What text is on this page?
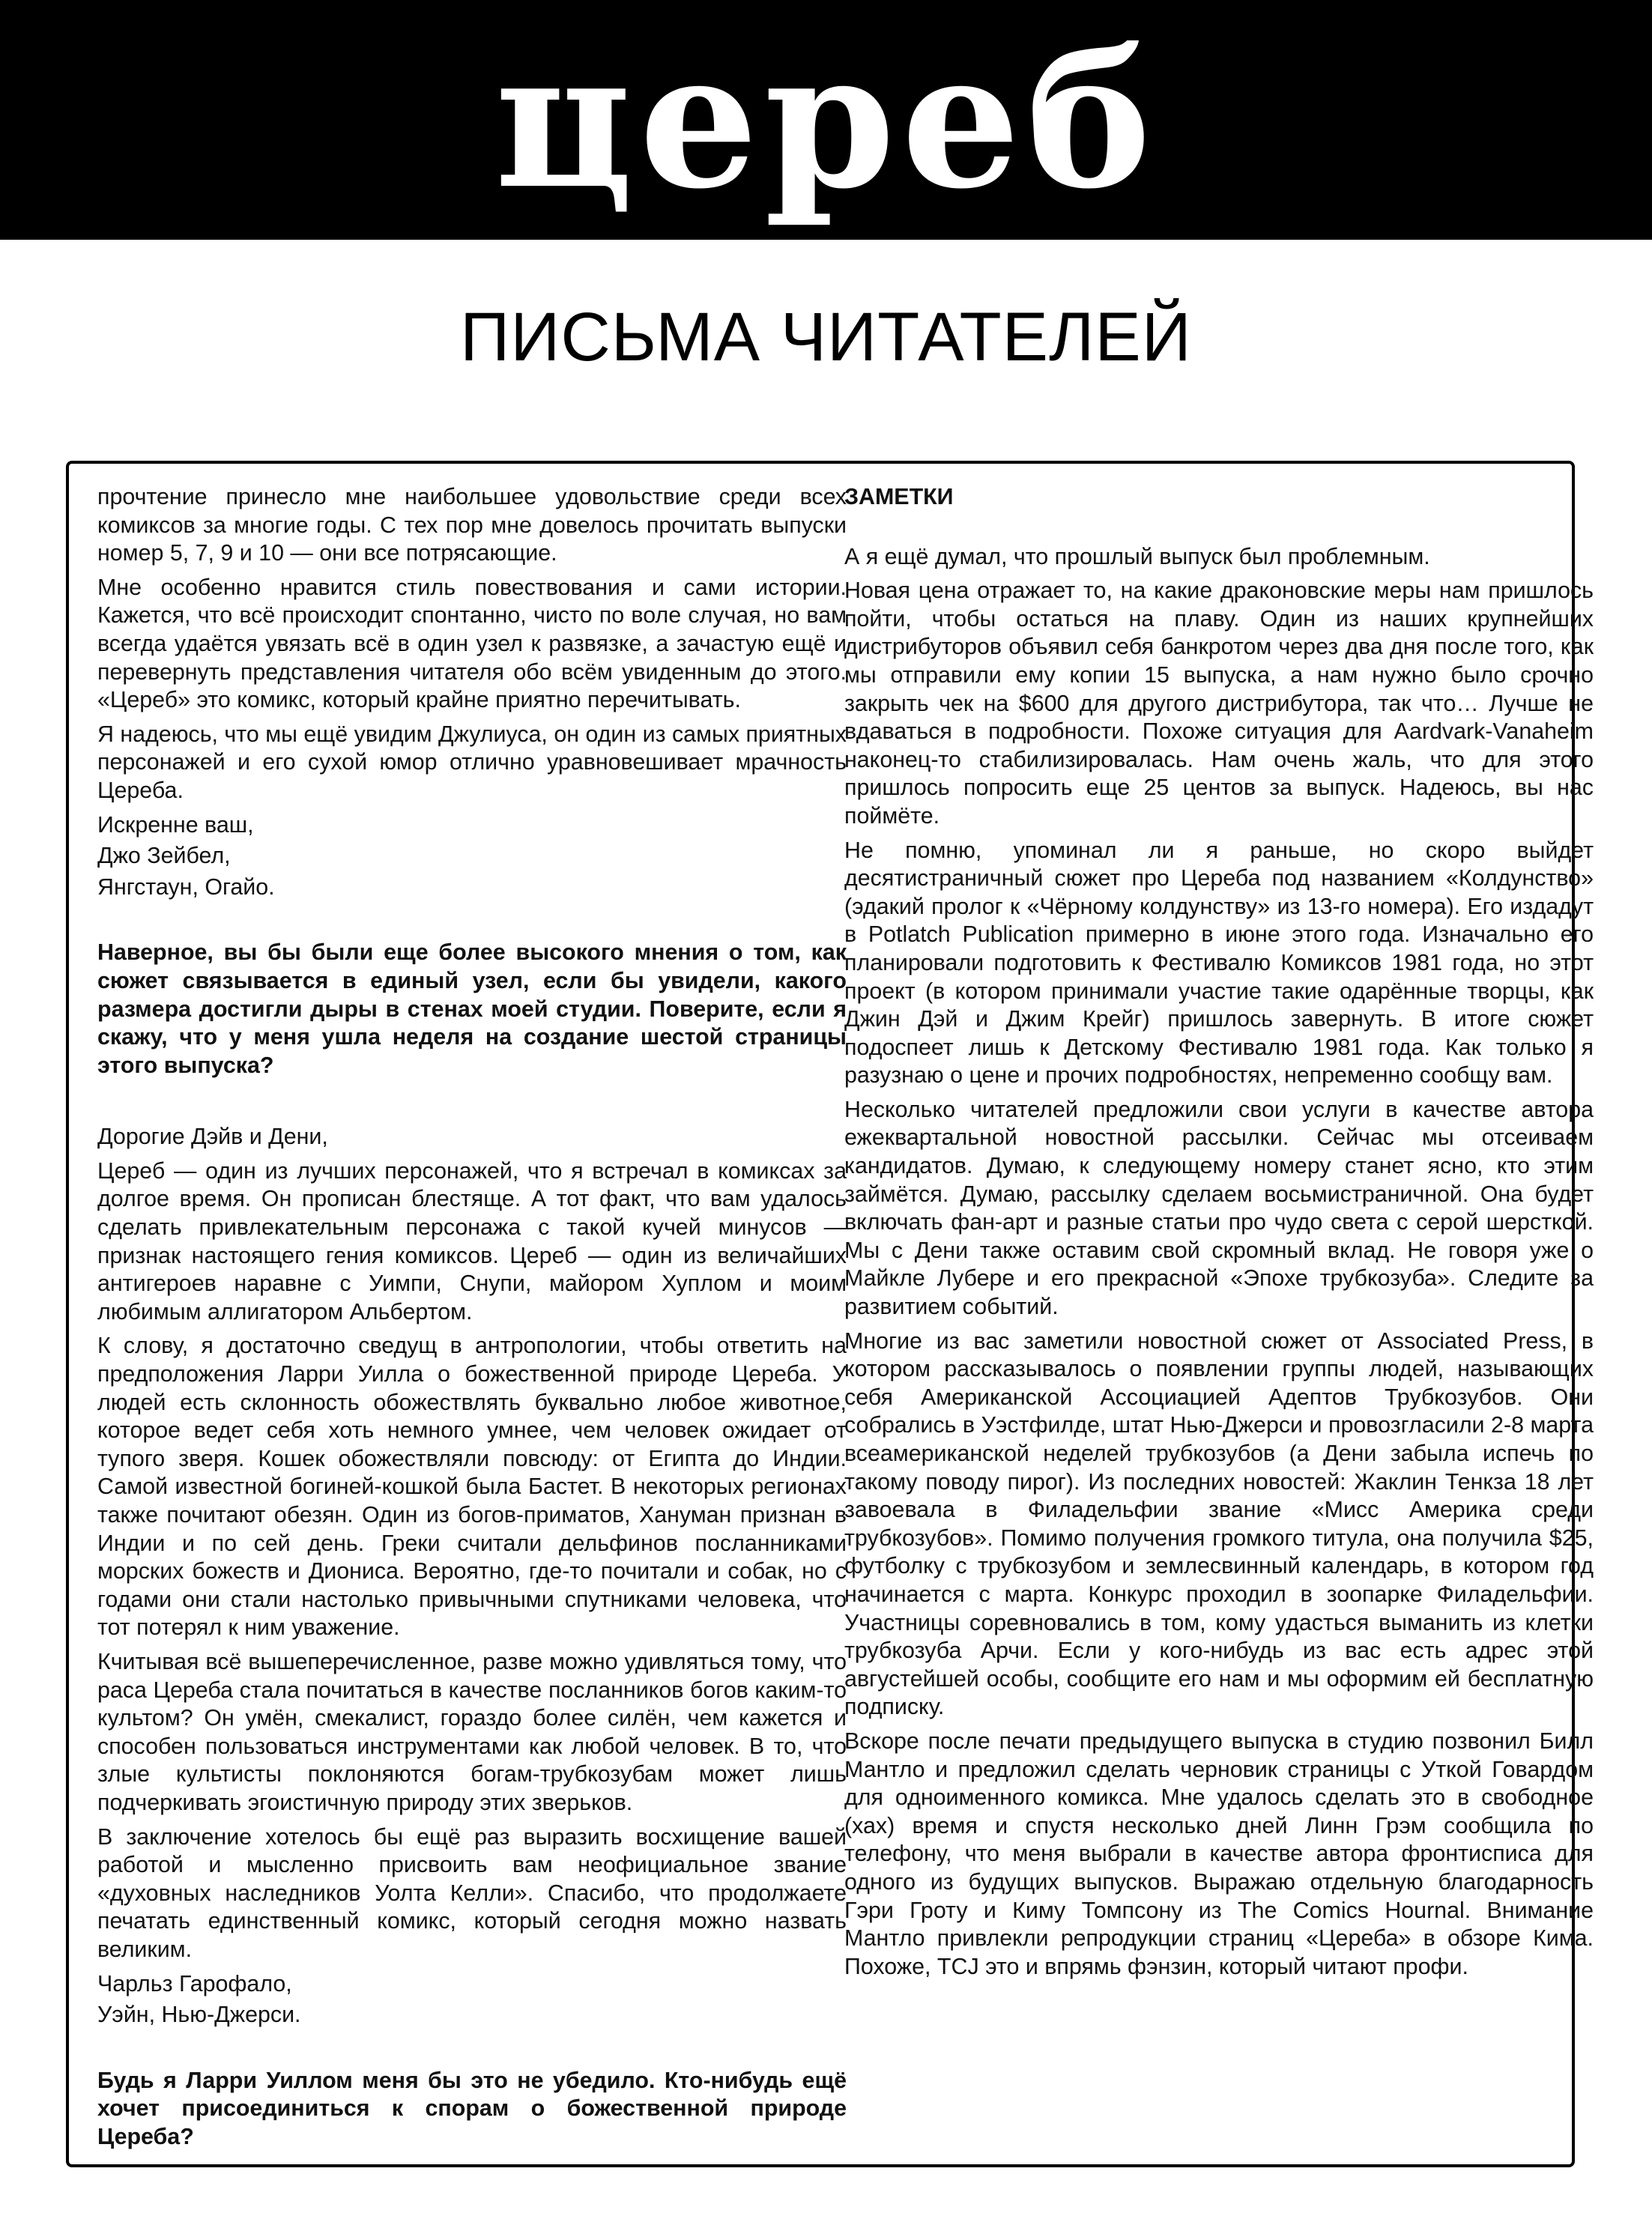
цереб
ПИСЬМА ЧИТАТЕЛЕЙ

прочтение принесло мне наибольшее удовольствие среди всех комиксов за многие годы. С тех пор мне довелось прочитать выпуски номер 5, 7, 9 и 10 — они все потрясающие.

Мне особенно нравится стиль повествования и сами истории. Кажется, что всё происходит спонтанно, чисто по воле случая, но вам всегда удаётся увязать всё в один узел к развязке, а зачастую ещё и перевернуть представления читателя обо всём увиденным до этого. «Цереб» это комикс, который крайне приятно перечитывать.

Я надеюсь, что мы ещё увидим Джулиуса, он один из самых приятных персонажей и его сухой юмор отлично уравновешивает мрачность Цереба.

Искренне ваш,

Джо Зейбел,

Янгстаун, Огайо.

Наверное, вы бы были еще более высокого мнения о том, как сюжет связывается в единый узел, если бы увидели, какого размера достигли дыры в стенах моей студии. Поверите, если я скажу, что у меня ушла неделя на создание шестой страницы этого выпуска?

Дорогие Дэйв и Дени,

Цереб — один из лучших персонажей, что я встречал в комиксах за долгое время. Он прописан блестяще. А тот факт, что вам удалось сделать привлекательным персонажа с такой кучей минусов — признак настоящего гения комиксов. Цереб — один из величайших антигероев наравне с Уимпи, Снупи, майором Хуплом и моим любимым аллигатором Альбертом.

К слову, я достаточно сведущ в антропологии, чтобы ответить на предположения Ларри Уилла о божественной природе Цереба. У людей есть склонность обожествлять буквально любое животное, которое ведет себя хоть немного умнее, чем человек ожидает от тупого зверя. Кошек обожествляли повсюду: от Египта до Индии. Самой известной богиней-кошкой была Бастет. В некоторых регионах также почитают обезян. Один из богов-приматов, Хануман признан в Индии и по сей день. Греки считали дельфинов посланниками морских божеств и Диониса. Вероятно, где-то почитали и собак, но с годами они стали настолько привычными спутниками человека, что тот потерял к ним уважение.

Кчитывая всё вышеперечисленное, разве можно удивляться тому, что раса Цереба стала почитаться в качестве посланников богов каким-то культом? Он умён, смекалист, гораздо более силён, чем кажется и способен пользоваться инструментами как любой человек. В то, что злые культисты поклоняются богам-трубкозубам может лишь подчеркивать эгоистичную природу этих зверьков.

В заключение хотелось бы ещё раз выразить восхищение вашей работой и мысленно присвоить вам неофициальное звание «духовных наследников Уолта Келли». Спасибо, что продолжаете печатать единственный комикс, который сегодня можно назвать великим.

Чарльз Гарофало,

Уэйн, Нью-Джерси.

Будь я Ларри Уиллом меня бы это не убедило. Кто-нибудь ещё хочет присоединиться к спорам о божественной природе Цереба?

ЗАМЕТКИ

А я ещё думал, что прошлый выпуск был проблемным.

Новая цена отражает то, на какие драконовские меры нам пришлось пойти, чтобы остаться на плаву. Один из наших крупнейших дистрибуторов объявил себя банкротом через два дня после того, как мы отправили ему копии 15 выпуска, а нам нужно было срочно закрыть чек на $600 для другого дистрибутора, так что… Лучше не вдаваться в подробности. Похоже ситуация для Aardvark-Vanaheim наконец-то стабилизировалась. Нам очень жаль, что для этого пришлось попросить еще 25 центов за выпуск. Надеюсь, вы нас поймёте.

Не помню, упоминал ли я раньше, но скоро выйдет десятистраничный сюжет про Цереба под названием «Колдунство» (эдакий пролог к «Чёрному колдунству» из 13-го номера). Его издадут в Potlatch Publication примерно в июне этого года. Изначально его планировали подготовить к Фестивалю Комиксов 1981 года, но этот проект (в котором принимали участие такие одарённые творцы, как Джин Дэй и Джим Крейг) пришлось завернуть. В итоге сюжет подоспеет лишь к Детскому Фестивалю 1981 года. Как только я разузнаю о цене и прочих подробностях, непременно сообщу вам.

Несколько читателей предложили свои услуги в качестве автора ежеквартальной новостной рассылки. Сейчас мы отсеиваем кандидатов. Думаю, к следующему номеру станет ясно, кто этим займётся. Думаю, рассылку сделаем восьмистраничной. Она будет включать фан-арт и разные статьи про чудо света с серой шерсткой. Мы с Дени также оставим свой скромный вклад. Не говоря уже о Майкле Лубере и его прекрасной «Эпохе трубкозуба». Следите за развитием событий.

Многие из вас заметили новостной сюжет от Associated Press, в котором рассказывалось о появлении группы людей, называющих себя Американской Ассоциацией Адептов Трубкозубов. Они собрались в Уэстфилде, штат Нью-Джерси и провозгласили 2-8 марта всеамериканской неделей трубкозубов (а Дени забыла испечь по такому поводу пирог). Из последних новостей: Жаклин Тенкза 18 лет завоевала в Филадельфии звание «Мисс Америка среди трубкозубов». Помимо получения громкого титула, она получила $25, футболку с трубкозубом и землесвинный календарь, в котором год начинается с марта. Конкурс проходил в зоопарке Филадельфии. Участницы соревновались в том, кому удасться выманить из клетки трубкозуба Арчи. Если у кого-нибудь из вас есть адрес этой августейшей особы, сообщите его нам и мы оформим ей бесплатную подписку.

Вскоре после печати предыдущего выпуска в студию позвонил Билл Мантло и предложил сделать черновик страницы с Уткой Говардом для одноименного комикса. Мне удалось сделать это в свободное (хах) время и спустя несколько дней Линн Грэм сообщила по телефону, что меня выбрали в качестве автора фронтисписа для одного из будущих выпусков. Выражаю отдельную благодарность Гэри Гроту и Киму Томпсону из The Comics Hournal. Внимание Мантло привлекли репродукции страниц «Цереба» в обзоре Кима. Похоже, TCJ это и впрямь фэнзин, который читают профи.
